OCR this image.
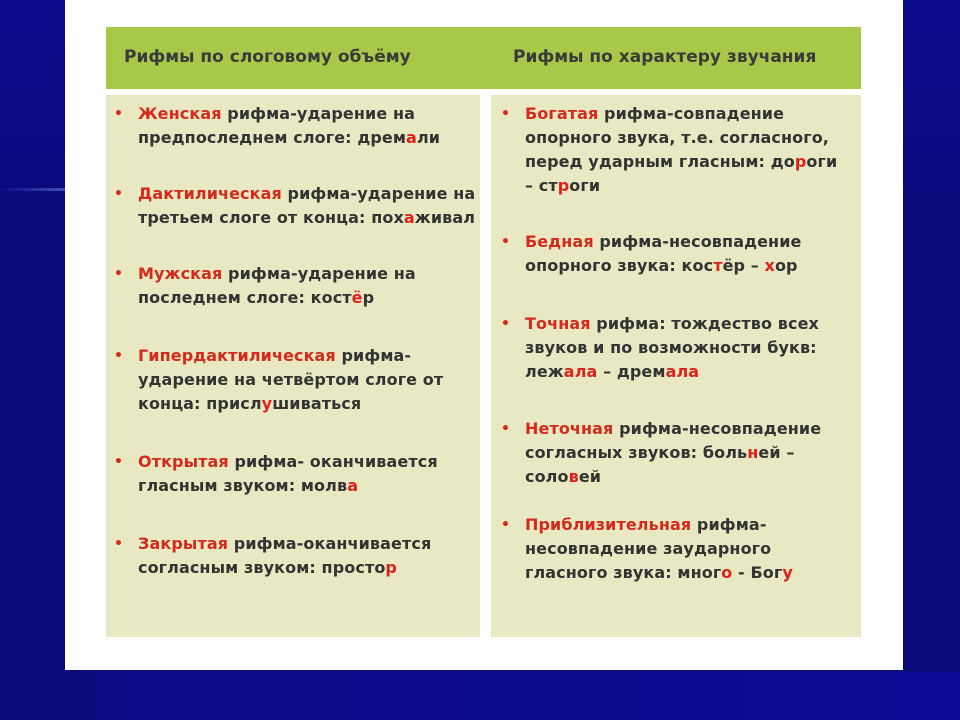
Рифмы по слоговому объёму	Рифмы по характеру звучания
• Женская рифма-ударение на
предпоследнем слоге: дремали
• Дактилическая рифма-ударение на
третьем слоге от конца: похаживал
• Мужская рифма-ударение на
последнем слоге: костёр
• Гипердактилическая рифма-
ударение на четвёртом слоге от
конца: прислушиваться
• Открытая рифма- оканчивается
гласным звуком: молва
• Закрытая рифма-оканчивается
согласным звуком: простор
• Богатая рифма-совпадение
опорного звука, т.е. согласного,
перед ударным гласным: дороги
– строги
• Бедная рифма-несовпадение
опорного звука: костёр – хор
• Точная рифма: тождество всех
звуков и по возможности букв:
лежала – дремала
• Неточная рифма-несовпадение
согласных звуков: больней –
соловей
• Приблизительная рифма-
несовпадение заударного
гласного звука: много - Богу
